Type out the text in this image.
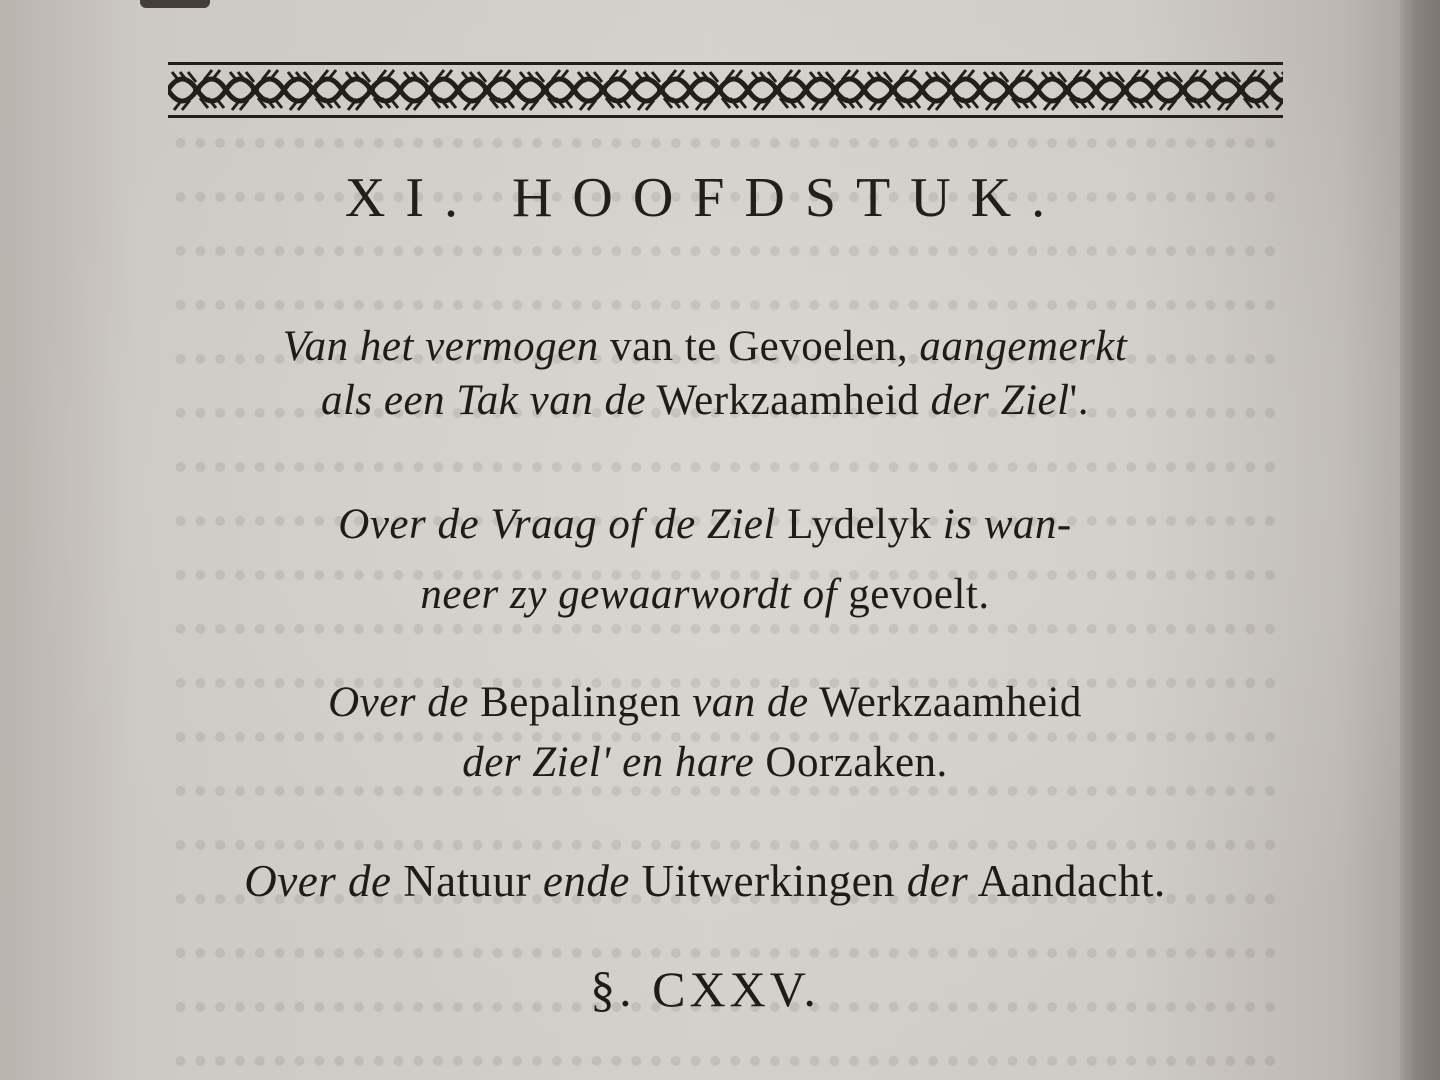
XI. HOOFDSTUK.
Van het vermogen van te Gevoelen, aangemerkt
als een Tak van de Werkzaamheid der Ziel'.
Over de Vraag of de Ziel Lydelyk is wan-
neer zy gewaarwordt of gevoelt.
Over de Bepalingen van de Werkzaamheid
der Ziel' en hare Oorzaken.
Over de Natuur ende Uitwerkingen der Aandacht.
§. CXXV.
